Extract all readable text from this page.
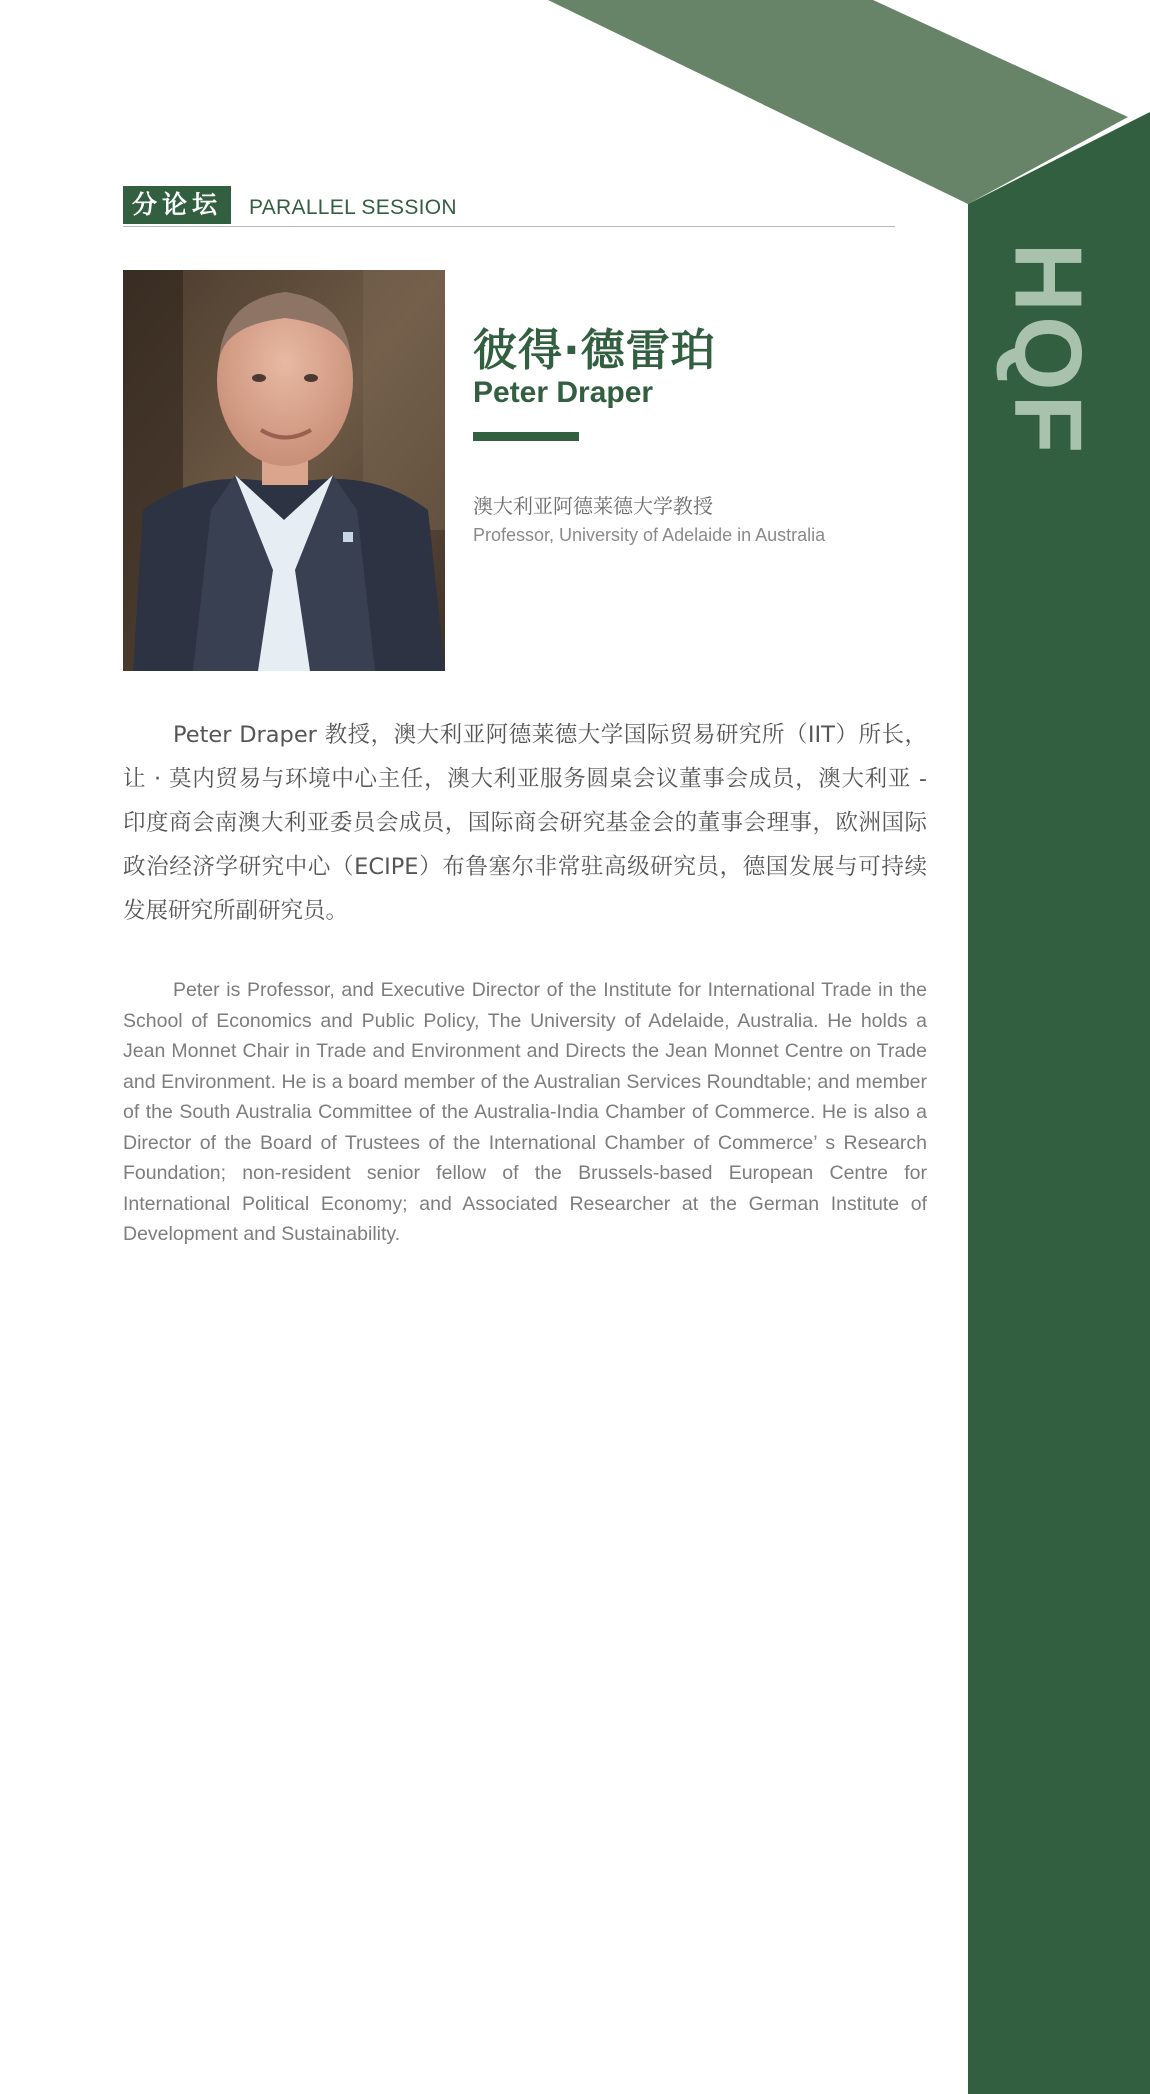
HQF
分论坛	PARALLEL SESSION
彼得·德雷珀
Peter Draper
澳大利亚阿德莱德大学教授
Professor, University of Adelaide in Australia

Peter Draper 教授，澳大利亚阿德莱德大学国际贸易研究所（IIT）所长，让 · 莫内贸易与环境中心主任，澳大利亚服务圆桌会议董事会成员，澳大利亚 - 印度商会南澳大利亚委员会成员，国际商会研究基金会的董事会理事，欧洲国际政治经济学研究中心（ECIPE）布鲁塞尔非常驻高级研究员，德国发展与可持续发展研究所副研究员。

Peter is Professor, and Executive Director of the Institute for International Trade in the School of Economics and Public Policy, The University of Adelaide, Australia. He holds a Jean Monnet Chair in Trade and Environment and Directs the Jean Monnet Centre on Trade and Environment. He is a board member of the Australian Services Roundtable; and member of the South Australia Committee of the Australia-India Chamber of Commerce. He is also a Director of the Board of Trustees of the International Chamber of Commerce’ s Research Foundation; non-resident senior fellow of the Brussels-based European Centre for International Political Economy; and Associated Researcher at the German Institute of Development and Sustainability.
